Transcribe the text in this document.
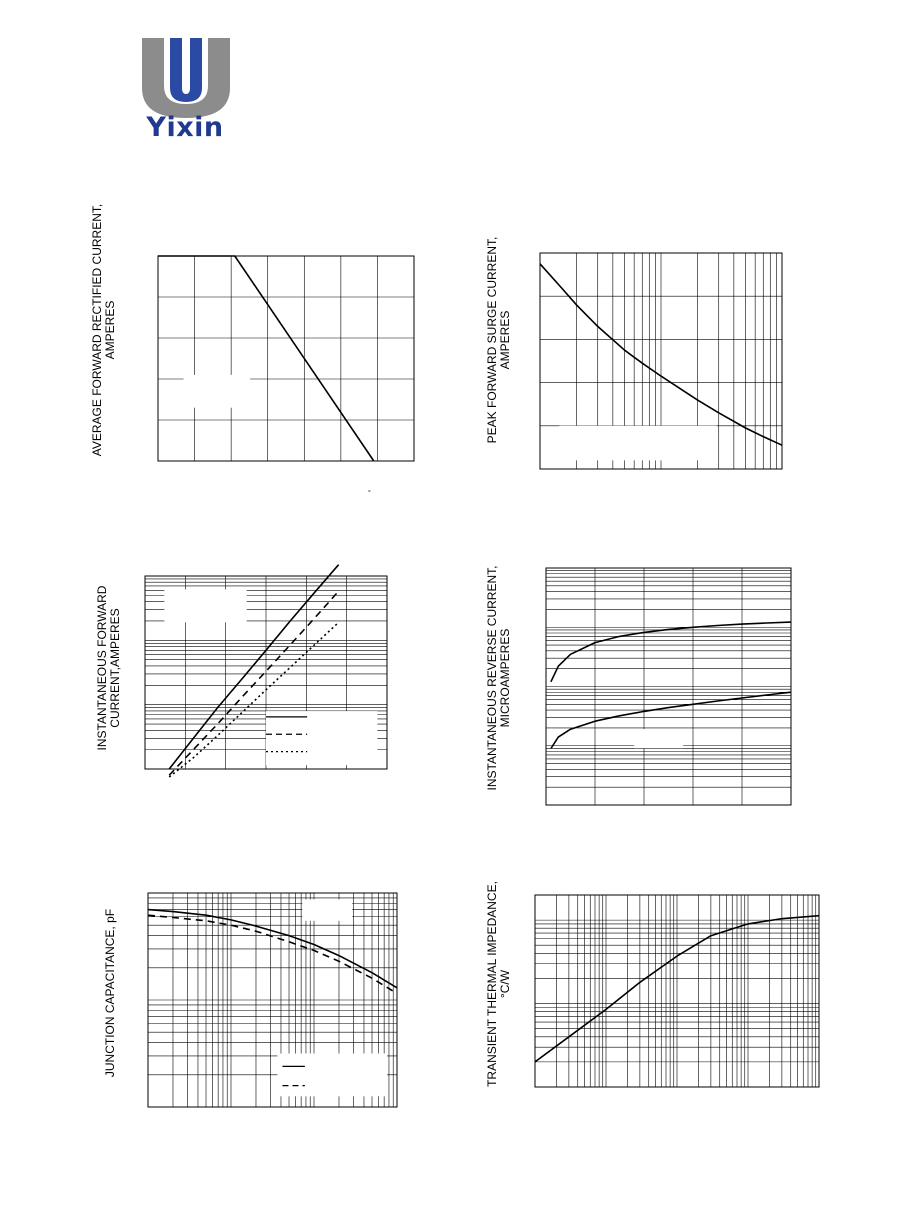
Yixin
AVERAGE FORWARD RECTIFIED CURRENT, AMPERES	PEAK FORWARD SURGE CURRENT, AMPERES
INSTANTANEOUS FORWARD CURRENT,AMPERES	INSTANTANEOUS REVERSE CURRENT, MICROAMPERES
JUNCTION CAPACITANCE, pF	TRANSIENT THERMAL IMPEDANCE, °C/W
°
